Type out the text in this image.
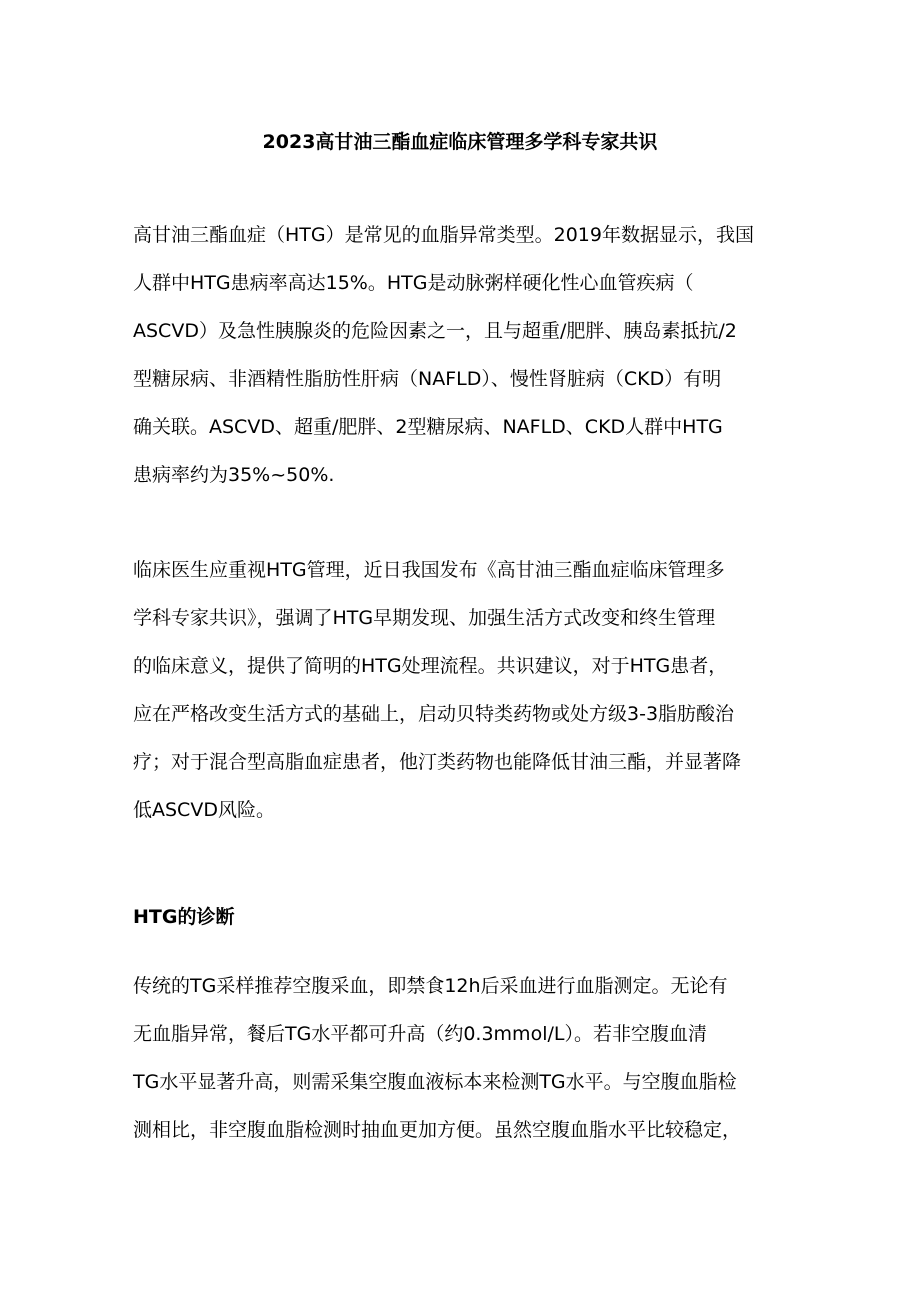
2023高甘油三酯血症临床管理多学科专家共识
高甘油三酯血症（HTG）是常见的血脂异常类型。2019年数据显示，我国
人群中HTG患病率高达15%。HTG是动脉粥样硬化性心血管疾病（
ASCVD）及急性胰腺炎的危险因素之一，且与超重/肥胖、胰岛素抵抗/2
型糖尿病、非酒精性脂肪性肝病（NAFLD）、慢性肾脏病（CKD）有明
确关联。ASCVD、超重/肥胖、2型糖尿病、NAFLD、CKD人群中HTG
患病率约为35%~50%.
临床医生应重视HTG管理，近日我国发布《高甘油三酯血症临床管理多
学科专家共识》，强调了HTG早期发现、加强生活方式改变和终生管理
的临床意义，提供了简明的HTG处理流程。共识建议，对于HTG患者，
应在严格改变生活方式的基础上，启动贝特类药物或处方级3-3脂肪酸治
疗；对于混合型高脂血症患者，他汀类药物也能降低甘油三酯，并显著降
低ASCVD风险。
HTG的诊断
传统的TG采样推荐空腹采血，即禁食12h后采血进行血脂测定。无论有
无血脂异常，餐后TG水平都可升高（约0.3mmol/L）。若非空腹血清
TG水平显著升高，则需采集空腹血液标本来检测TG水平。与空腹血脂检
测相比，非空腹血脂检测时抽血更加方便。虽然空腹血脂水平比较稳定，
